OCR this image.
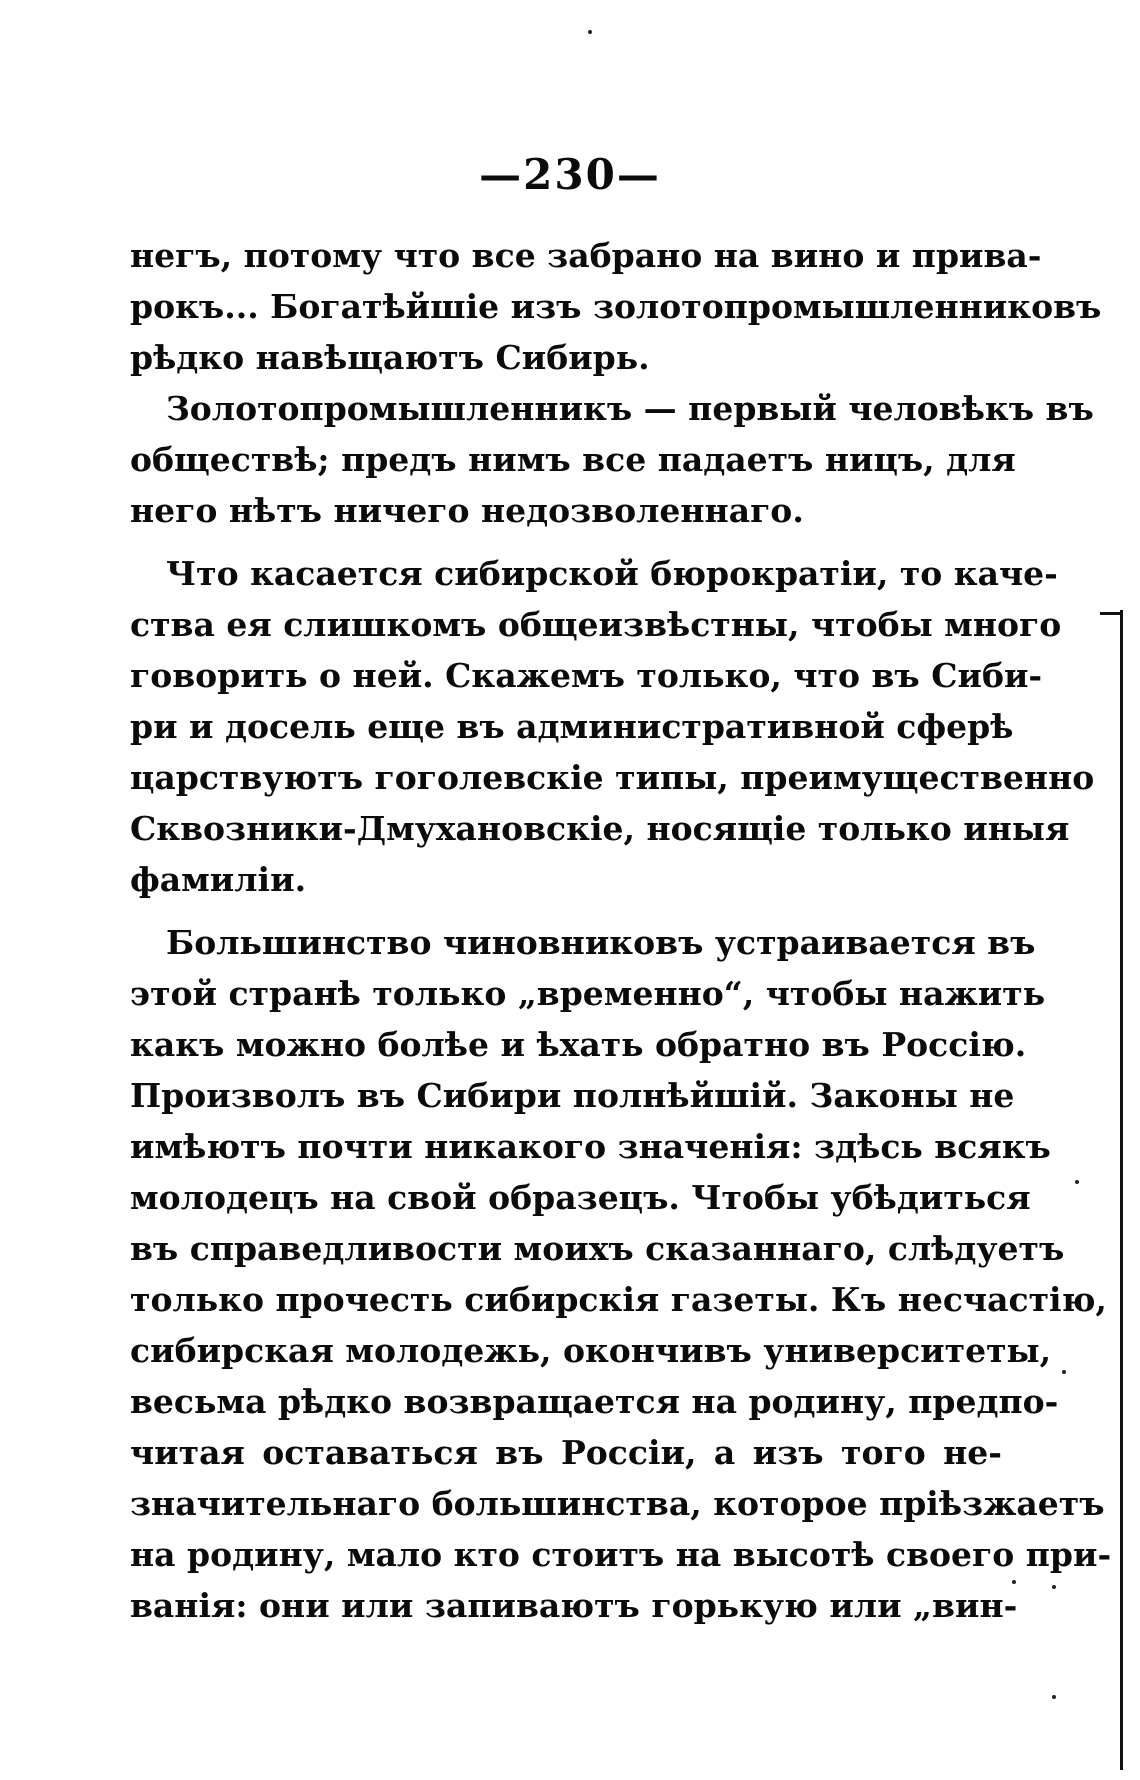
—230—
негъ, потому что все забрано на вино и прива-
рокъ... Богатѣйшіе изъ золотопромышленниковъ
рѣдко навѣщаютъ Сибирь.
Золотопромышленникъ — первый человѣкъ въ
обществѣ; предъ нимъ все падаетъ ницъ, для
него нѣтъ ничего недозволеннаго.
Что касается сибирской бюрократіи, то каче-
ства ея слишкомъ общеизвѣстны, чтобы много
говорить о ней. Скажемъ только, что въ Сиби-
ри и досель еще въ административной сферѣ
царствуютъ гоголевскіе типы, преимущественно
Сквозники-Дмухановскіе, носящіе только иныя
фамиліи.
Большинство чиновниковъ устраивается въ
этой странѣ только „временно“, чтобы нажить
какъ можно болѣе и ѣхать обратно въ Россію.
Произволъ въ Сибири полнѣйшій. Законы не
имѣютъ почти никакого значенія: здѣсь всякъ
молодецъ на свой образецъ. Чтобы убѣдиться
въ справедливости моихъ сказаннаго, слѣдуетъ
только прочесть сибирскія газеты. Къ несчастію,
сибирская молодежь, окончивъ университеты,
весьма рѣдко возвращается на родину, предпо-
читая оставаться въ Россіи, а изъ того не-
значительнаго большинства, которое пріѣзжаетъ
на родину, мало кто стоитъ на высотѣ своего при-
ванія: они или запиваютъ горькую или „вин-
